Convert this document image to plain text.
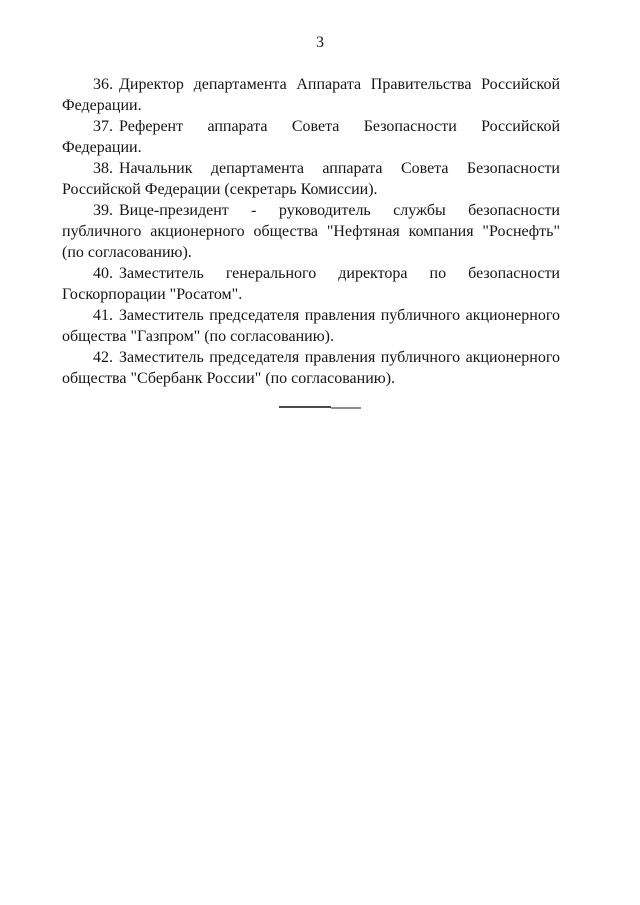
3

36. Директор департамента Аппарата Правительства Российской Федерации.

37. Референт аппарата Совета Безопасности Российской Федерации.

38. Начальник департамента аппарата Совета Безопасности Российской Федерации (секретарь Комиссии).

39. Вице-президент - руководитель службы безопасности публичного акционерного общества "Нефтяная компания "Роснефть" (по согласованию).

40. Заместитель генерального директора по безопасности Госкорпорации "Росатом".

41. Заместитель председателя правления публичного акционерного общества "Газпром" (по согласованию).

42. Заместитель председателя правления публичного акционерного общества "Сбербанк России" (по согласованию).
